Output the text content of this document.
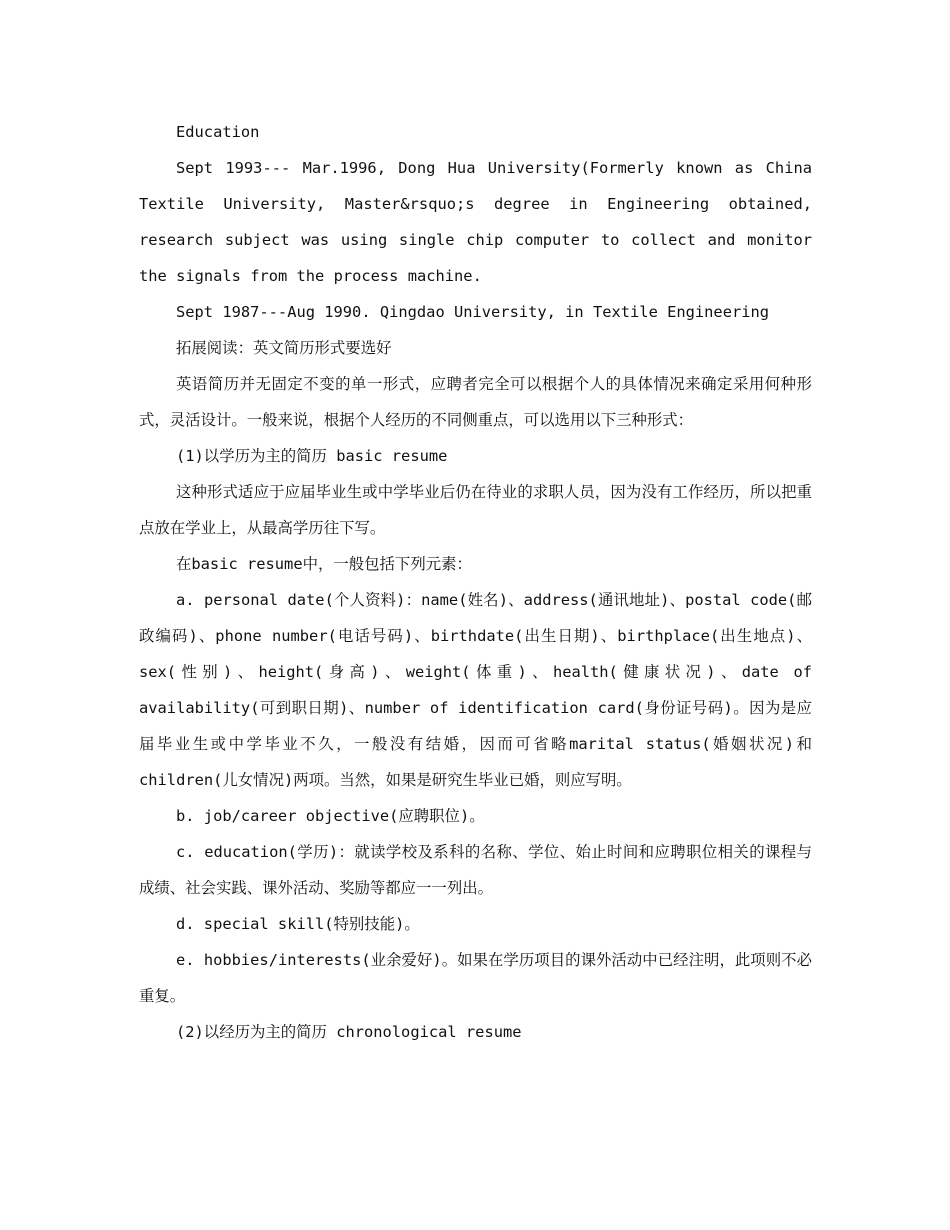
Education

Sept 1993--- Mar.1996, Dong Hua University(Formerly known as China Textile University, Master&rsquo;s degree in Engineering obtained, research subject was using single chip computer to collect and monitor the signals from the process machine.

Sept 1987---Aug 1990. Qingdao University, in Textile Engineering

拓展阅读：英文简历形式要选好

英语简历并无固定不变的单一形式，应聘者完全可以根据个人的具体情况来确定采用何种形式，灵活设计。一般来说，根据个人经历的不同侧重点，可以选用以下三种形式：

(1)以学历为主的简历 basic resume

这种形式适应于应届毕业生或中学毕业后仍在待业的求职人员，因为没有工作经历，所以把重点放在学业上，从最高学历往下写。

在basic resume中，一般包括下列元素：

a. personal date(个人资料)：name(姓名)、address(通讯地址)、postal code(邮政编码)、phone number(电话号码)、birthdate(出生日期)、birthplace(出生地点)、sex(性别)、height(身高)、weight(体重)、health(健康状况)、date of availability(可到职日期)、number of identification card(身份证号码)。因为是应届毕业生或中学毕业不久，一般没有结婚，因而可省略marital status(婚姻状况)和children(儿女情况)两项。当然，如果是研究生毕业已婚，则应写明。

b. job/career objective(应聘职位)。

c. education(学历)：就读学校及系科的名称、学位、始止时间和应聘职位相关的课程与成绩、社会实践、课外活动、奖励等都应一一列出。

d. special skill(特别技能)。

e. hobbies/interests(业余爱好)。如果在学历项目的课外活动中已经注明，此项则不必重复。

(2)以经历为主的简历 chronological resume
